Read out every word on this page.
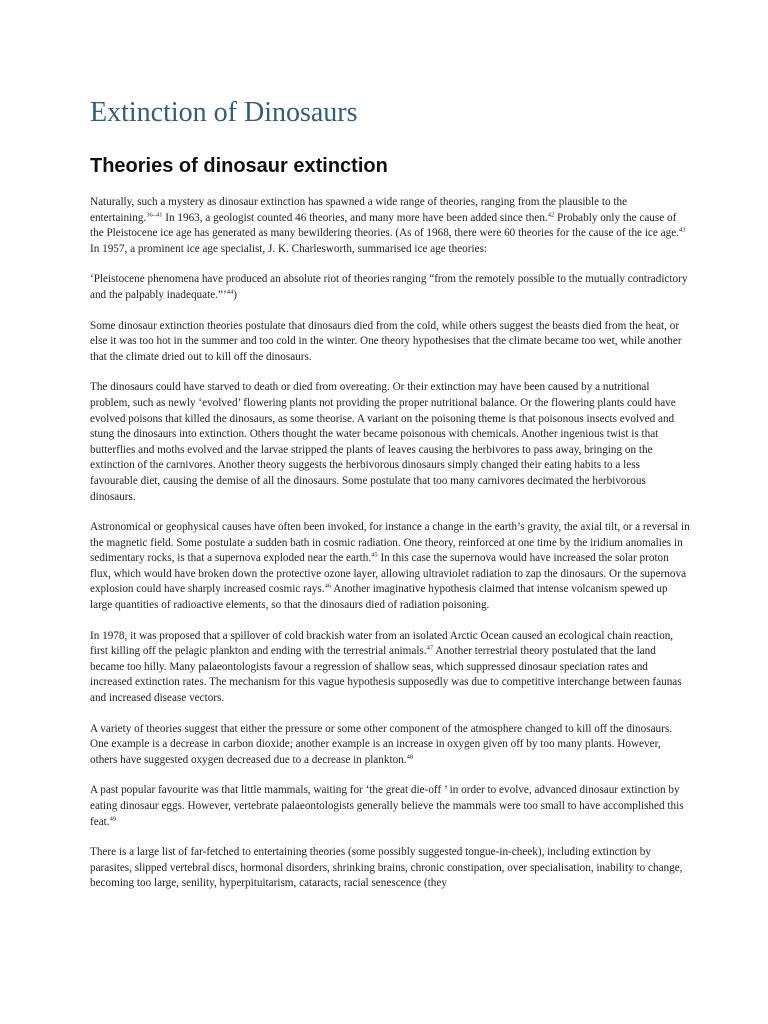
Extinction of Dinosaurs
Theories of dinosaur extinction

Naturally, such a mystery as dinosaur extinction has spawned a wide range of theories, ranging from the plausible to the entertaining.$^{36-41}$ In 1963, a geologist counted 46 theories, and many more have been added since then.$^{42}$ Probably only the cause of the Pleistocene ice age has generated as many bewildering theories. (As of 1968, there were 60 theories for the cause of the ice age.$^{43}$ In 1957, a prominent ice age specialist, J. K. Charlesworth, summarised ice age theories:

‘Pleistocene phenomena have produced an absolute riot of theories ranging “from the remotely possible to the mutually contradictory and the palpably inadequate.”’$^{44}$)

Some dinosaur extinction theories postulate that dinosaurs died from the cold, while others suggest the beasts died from the heat, or else it was too hot in the summer and too cold in the winter. One theory hypothesises that the climate became too wet, while another that the climate dried out to kill off the dinosaurs.

The dinosaurs could have starved to death or died from overeating. Or their extinction may have been caused by a nutritional problem, such as newly ‘evolved’ flowering plants not providing the proper nutritional balance. Or the flowering plants could have evolved poisons that killed the dinosaurs, as some theorise. A variant on the poisoning theme is that poisonous insects evolved and stung the dinosaurs into extinction. Others thought the water became poisonous with chemicals. Another ingenious twist is that butterflies and moths evolved and the larvae stripped the plants of leaves causing the herbivores to pass away, bringing on the extinction of the carnivores. Another theory suggests the herbivorous dinosaurs simply changed their eating habits to a less favourable diet, causing the demise of all the dinosaurs. Some postulate that too many carnivores decimated the herbivorous dinosaurs.

Astronomical or geophysical causes have often been invoked, for instance a change in the earth’s gravity, the axial tilt, or a reversal in the magnetic field. Some postulate a sudden bath in cosmic radiation. One theory, reinforced at one time by the iridium anomalies in sedimentary rocks, is that a supernova exploded near the earth.$^{45}$ In this case the supernova would have increased the solar proton flux, which would have broken down the protective ozone layer, allowing ultraviolet radiation to zap the dinosaurs. Or the supernova explosion could have sharply increased cosmic rays.$^{46}$ Another imaginative hypothesis claimed that intense volcanism spewed up large quantities of radioactive elements, so that the dinosaurs died of radiation poisoning.

In 1978, it was proposed that a spillover of cold brackish water from an isolated Arctic Ocean caused an ecological chain reaction, first killing off the pelagic plankton and ending with the terrestrial animals.$^{47}$ Another terrestrial theory postulated that the land became too hilly. Many palaeontologists favour a regression of shallow seas, which suppressed dinosaur speciation rates and increased extinction rates. The mechanism for this vague hypothesis supposedly was due to competitive interchange between faunas and increased disease vectors.

A variety of theories suggest that either the pressure or some other component of the atmosphere changed to kill off the dinosaurs. One example is a decrease in carbon dioxide; another example is an increase in oxygen given off by too many plants. However, others have suggested oxygen decreased due to a decrease in plankton.$^{48}$

A past popular favourite was that little mammals, waiting for ‘the great die-off ’ in order to evolve, advanced dinosaur extinction by eating dinosaur eggs. However, vertebrate palaeontologists generally believe the mammals were too small to have accomplished this feat.$^{49}$

There is a large list of far-fetched to entertaining theories (some possibly suggested tongue-in-cheek), including extinction by parasites, slipped vertebral discs, hormonal disorders, shrinking brains, chronic constipation, over specialisation, inability to change, becoming too large, senility, hyperpituitarism, cataracts, racial senescence (they
